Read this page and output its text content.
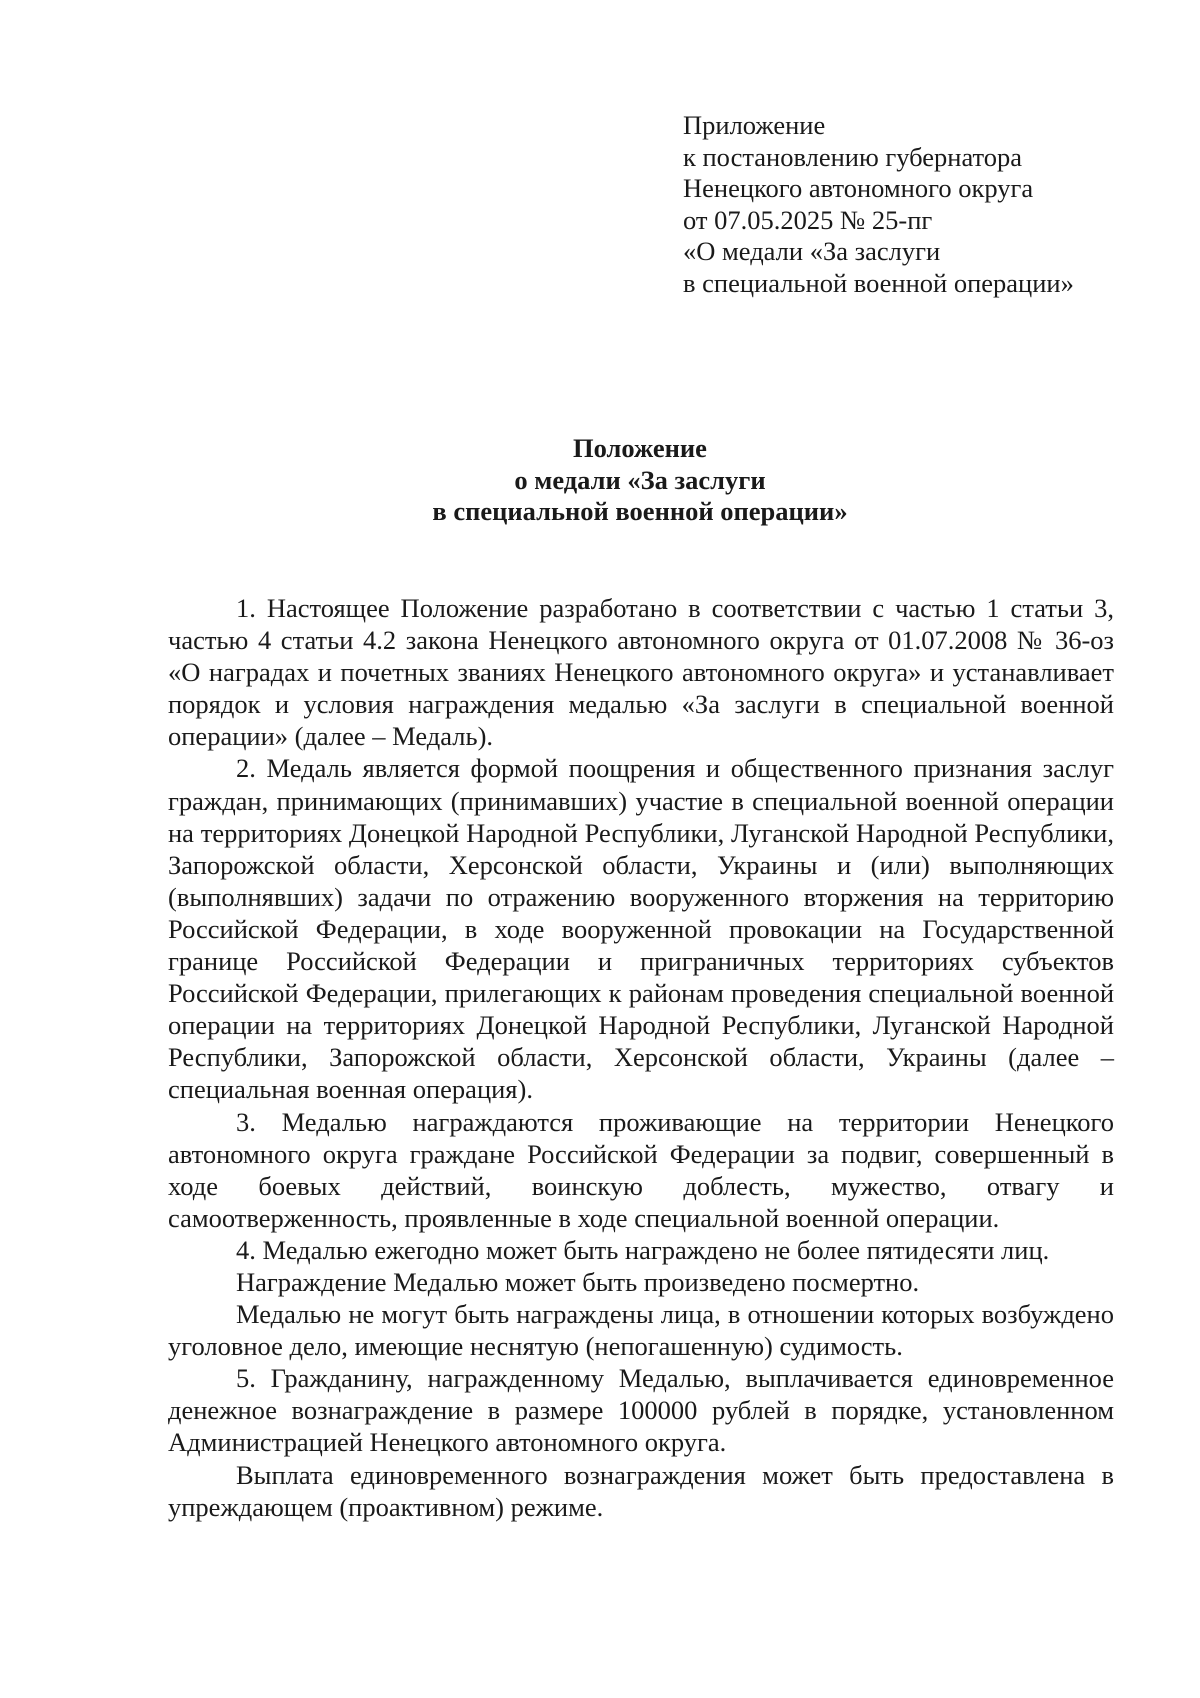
Приложение
к постановлению губернатора
Ненецкого автономного округа
от 07.05.2025 № 25-пг
«О медали «За заслуги
в специальной военной операции»
Положение
о медали «За заслуги
в специальной военной операции»

1. Настоящее Положение разработано в соответствии с частью 1 статьи 3, частью 4 статьи 4.2 закона Ненецкого автономного округа от 01.07.2008 № 36-оз «О наградах и почетных званиях Ненецкого автономного округа» и устанавливает порядок и условия награждения медалью «За заслуги в специальной военной операции» (далее – Медаль).

2. Медаль является формой поощрения и общественного признания заслуг граждан, принимающих (принимавших) участие в специальной военной операции на территориях Донецкой Народной Республики, Луганской Народной Республики, Запорожской области, Херсонской области, Украины и (или) выполняющих (выполнявших) задачи по отражению вооруженного вторжения на территорию Российской Федерации, в ходе вооруженной провокации на Государственной границе Российской Федерации и приграничных территориях субъектов Российской Федерации, прилегающих к районам проведения специальной военной операции на территориях Донецкой Народной Республики, Луганской Народной Республики, Запорожской области, Херсонской области, Украины (далее – специальная военная операция).

3. Медалью награждаются проживающие на территории Ненецкого автономного округа граждане Российской Федерации за подвиг, совершенный в ходе боевых действий, воинскую доблесть, мужество, отвагу и самоотверженность, проявленные в ходе специальной военной операции.

4. Медалью ежегодно может быть награждено не более пятидесяти лиц.

Награждение Медалью может быть произведено посмертно.

Медалью не могут быть награждены лица, в отношении которых возбуждено уголовное дело, имеющие неснятую (непогашенную) судимость.

5. Гражданину, награжденному Медалью, выплачивается единовременное денежное вознаграждение в размере 100000 рублей в порядке, установленном Администрацией Ненецкого автономного округа.

Выплата единовременного вознаграждения может быть предоставлена в упреждающем (проактивном) режиме.
